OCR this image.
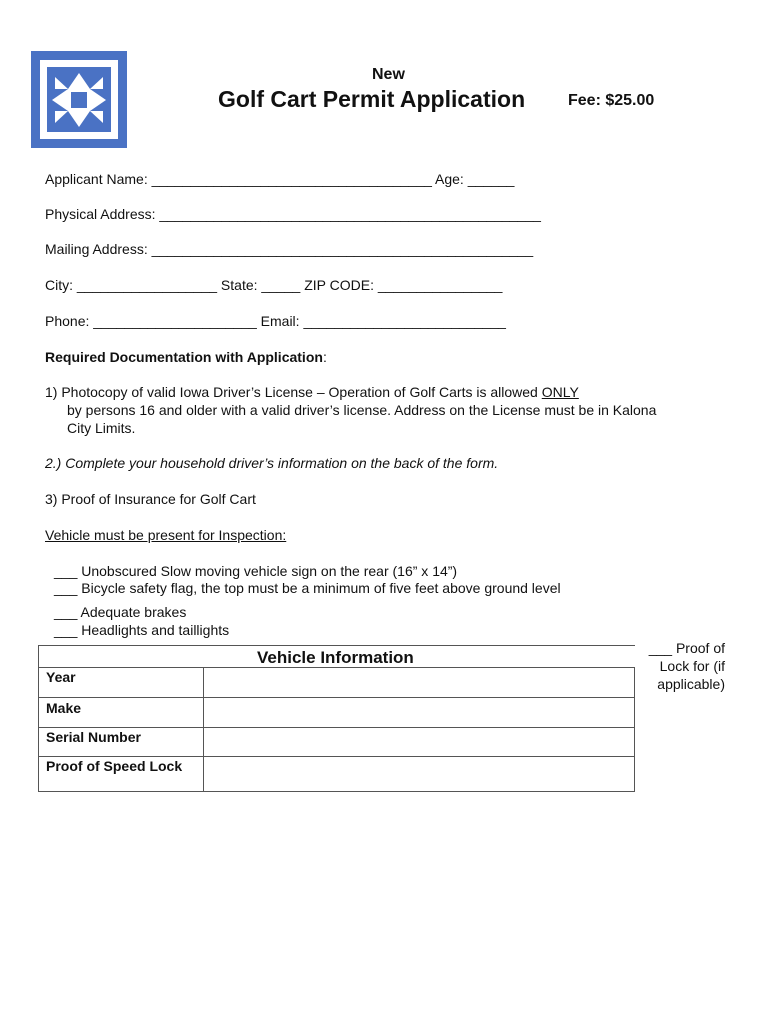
New
Golf Cart Permit Application	Fee: $25.00
Applicant Name: ____________________________________ Age: ______
Physical Address: _________________________________________________
Mailing Address: _________________________________________________
City: __________________ State: _____ ZIP CODE: ________________
Phone: _____________________ Email: __________________________
Required Documentation with Application:
1) Photocopy of valid Iowa Driver’s License – Operation of Golf Carts is allowed ONLY
by persons 16 and older with a valid driver’s license. Address on the License must be in Kalona
City Limits.
2.) Complete your household driver’s information on the back of the form.
3) Proof of Insurance for Golf Cart
Vehicle must be present for Inspection:
___ Unobscured Slow moving vehicle sign on the rear (16” x 14”)
___ Bicycle safety flag, the top must be a minimum of five feet above ground level
___ Adequate brakes
___ Headlights and taillights
___ Proof of Lock for (if applicable)
Vehicle Information
Year
Make
Serial Number
Proof of Speed Lock
